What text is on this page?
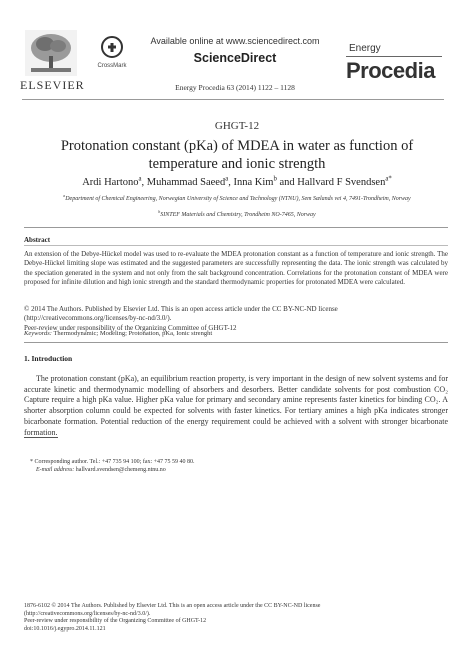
ELSEVIER
CrossMark
Available online at www.sciencedirect.com
ScienceDirect
Energy Procedia 63 (2014) 1122 – 1128
Energy
Procedia
GHGT-12
Protonation constant (pKa) of MDEA in water as function of temperature and ionic strength
Ardi Hartono$^a$, Muhammad Saeed$^a$, Inna Kim$^b$ and Hallvard F Svendsen$^{a*}$
$^a$Department of Chemical Engineering, Norwegian University of Science and Technology (NTNU), Sem Sælands vei 4, 7491-Trondheim, Norway
$^b$SINTEF Materials and Chemistry, Trondheim NO-7465, Norway
Abstract
An extension of the Debye-Hückel model was used to re-evaluate the MDEA protonation constant as a function of temperature and ionic strength. The Debye-Hückel limiting slope was estimated and the suggested parameters are successfully representing the data. The ionic strength was calculated by the speciation generated in the system and not only from the salt background concentration. Correlations for the protonation constant of MDEA were proposed for infinite dilution and high ionic strength and the standard thermodynamic properties for protonated MDEA were calculated.
© 2014 The Authors. Published by Elsevier Ltd. This is an open access article under the CC BY-NC-ND license
(http://creativecommons.org/licenses/by-nc-nd/3.0/).
Peer-review under responsibility of the Organizing Committee of GHGT-12
Keywords: Thermodynamic; Modeling; Protonation, pKa, Ionic strenght
1. Introduction
The protonation constant (pKa), an equilibrium reaction property, is very important in the design of new solvent systems and for accurate kinetic and thermodynamic modelling of absorbers and desorbers. Better candidate solvents for post combustion CO₂ Capture require a high pKa value. Higher pKa value for primary and secondary amine represents faster kinetics for binding CO₂. A shorter absorption column could be expected for solvents with faster kinetics. For tertiary amines a high pKa indicates stronger bicarbonate formation. Potential reduction of the energy requirement could be achieved with a solvent with stronger bicarbonate formation.
* Corresponding author. Tel.: +47 735 94 100; fax: +47 75 59 40 80.
E-mail address: hallvard.svendsen@chemeng.ntnu.no
1876-6102 © 2014 The Authors. Published by Elsevier Ltd. This is an open access article under the CC BY-NC-ND license
(http://creativecommons.org/licenses/by-nc-nd/3.0/).
Peer-review under responsibility of the Organizing Committee of GHGT-12
doi:10.1016/j.egypro.2014.11.121
